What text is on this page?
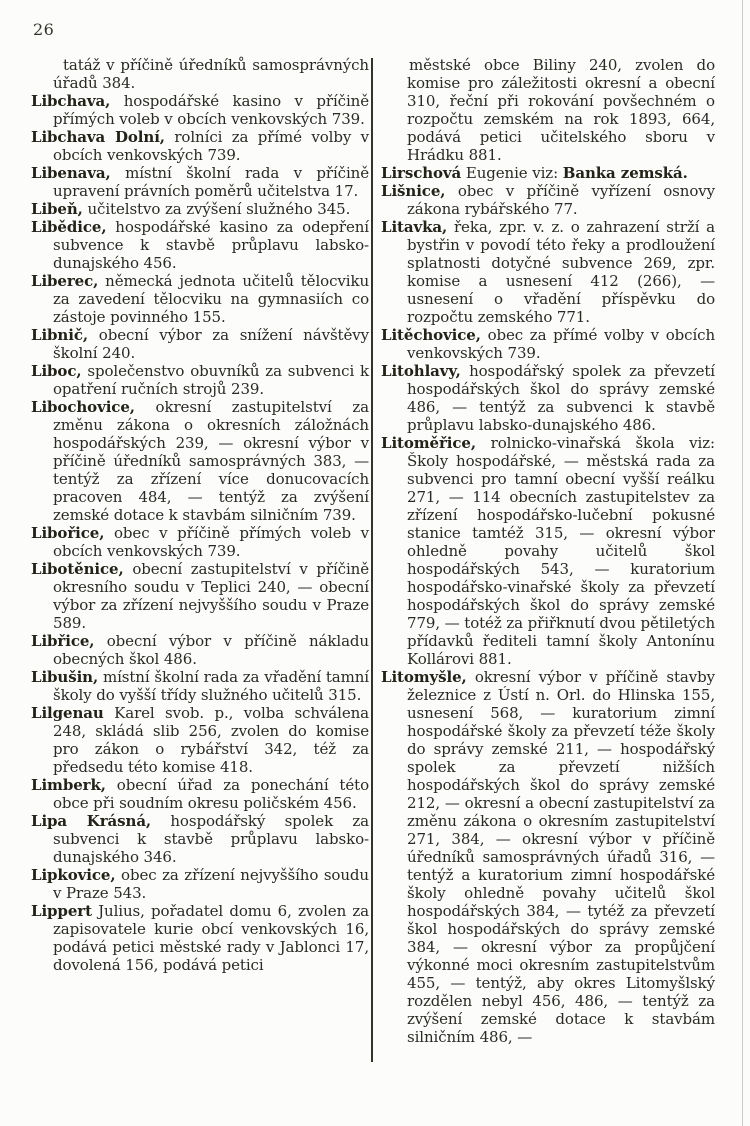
26

tatáž v příčině úředníků samosprávných úřadů 384.

Libchava, hospodářské kasino v příčině přímých voleb v obcích venkovských 739.

Libchava Dolní, rolníci za přímé volby v obcích venkovských 739.

Libenava, místní školní rada v příčině upravení právních poměrů učitelstva 17.

Libeň, učitelstvo za zvýšení služného 345.

Libědice, hospodářské kasino za odepření subvence k stavbě průplavu labsko-dunajského 456.

Liberec, německá jednota učitelů tělocviku za zavedení tělocviku na gymnasiích co zástoje povinného 155.

Libnič, obecní výbor za snížení návštěvy školní 240.

Liboc, společenstvo obuvníků za subvenci k opatření ručních strojů 239.

Libochovice, okresní zastupitelství za změnu zákona o okresních záložnách hospodářských 239, — okresní výbor v příčině úředníků samosprávných 383, — tentýž za zřízení více donucovacích pracoven 484, — tentýž za zvýšení zemské dotace k stavbám silničním 739.

Libořice, obec v příčině přímých voleb v obcích venkovských 739.

Libotěnice, obecní zastupitelství v příčině okresního soudu v Teplici 240, — obecní výbor za zřízení nejvyššího soudu v Praze 589.

Libřice, obecní výbor v příčině nákladu obecných škol 486.

Libušin, místní školní rada za vřadění tamní školy do vyšší třídy služného učitelů 315.

Lilgenau Karel svob. p., volba schválena 248, skládá slib 256, zvolen do komise pro zákon o rybářství 342, též za předsedu této komise 418.

Limberk, obecní úřad za ponechání této obce při soudním okresu poličském 456.

Lipa Krásná, hospodářský spolek za subvenci k stavbě průplavu labsko-dunajského 346.

Lipkovice, obec za zřízení nejvyššího soudu v Praze 543.

Lippert Julius, pořadatel domu 6, zvolen za zapisovatele kurie obcí venkovských 16, podává petici městské rady v Jablonci 17, dovolená 156, podává petici

městské obce Biliny 240, zvolen do komise pro záležitosti okresní a obecní 310, řeční při rokování povšechném o rozpočtu zemském na rok 1893, 664, podává petici učitelského sboru v Hrádku 881.

Lirschová Eugenie viz: Banka zemská.

Lišnice, obec v příčině vyřízení osnovy zákona rybářského 77.

Litavka, řeka, zpr. v. z. o zahrazení strží a bystřin v povodí této řeky a prodloužení splatnosti dotyčné subvence 269, zpr. komise a usnesení 412 (266), — usnesení o vřadění příspěvku do rozpočtu zemského 771.

Litěchovice, obec za přímé volby v obcích venkovských 739.

Litohlavy, hospodářský spolek za převzetí hospodářských škol do správy zemské 486, — tentýž za subvenci k stavbě průplavu labsko-dunajského 486.

Litoměřice, rolnicko-vinařská škola viz: Školy hospodářské, — městská rada za subvenci pro tamní obecní vyšší reálku 271, — 114 obecních zastupitelstev za zřízení hospodářsko-lučební pokusné stanice tamtéž 315, — okresní výbor ohledně povahy učitelů škol hospodářských 543, — kuratorium hospodářsko-vinařské školy za převzetí hospodářských škol do správy zemské 779, — totéž za přiřknutí dvou pětiletých přídavků řediteli tamní školy Antonínu Kollárovi 881.

Litomyšle, okresní výbor v příčině stavby železnice z Ústí n. Orl. do Hlinska 155, usnesení 568, — kuratorium zimní hospodářské školy za převzetí téže školy do správy zemské 211, — hospodářský spolek za převzetí nižších hospodářských škol do správy zemské 212, — okresní a obecní zastupitelství za změnu zákona o okresním zastupitelství 271, 384, — okresní výbor v příčině úředníků samosprávných úřadů 316, — tentýž a kuratorium zimní hospodářské školy ohledně povahy učitelů škol hospodářských 384, — tytéž za převzetí škol hospodářských do správy zemské 384, — okresní výbor za propůjčení výkonné moci okresním zastupitelstvům 455, — tentýž, aby okres Litomyšlský rozdělen nebyl 456, 486, — tentýž za zvýšení zemské dotace k stavbám silničním 486, —
